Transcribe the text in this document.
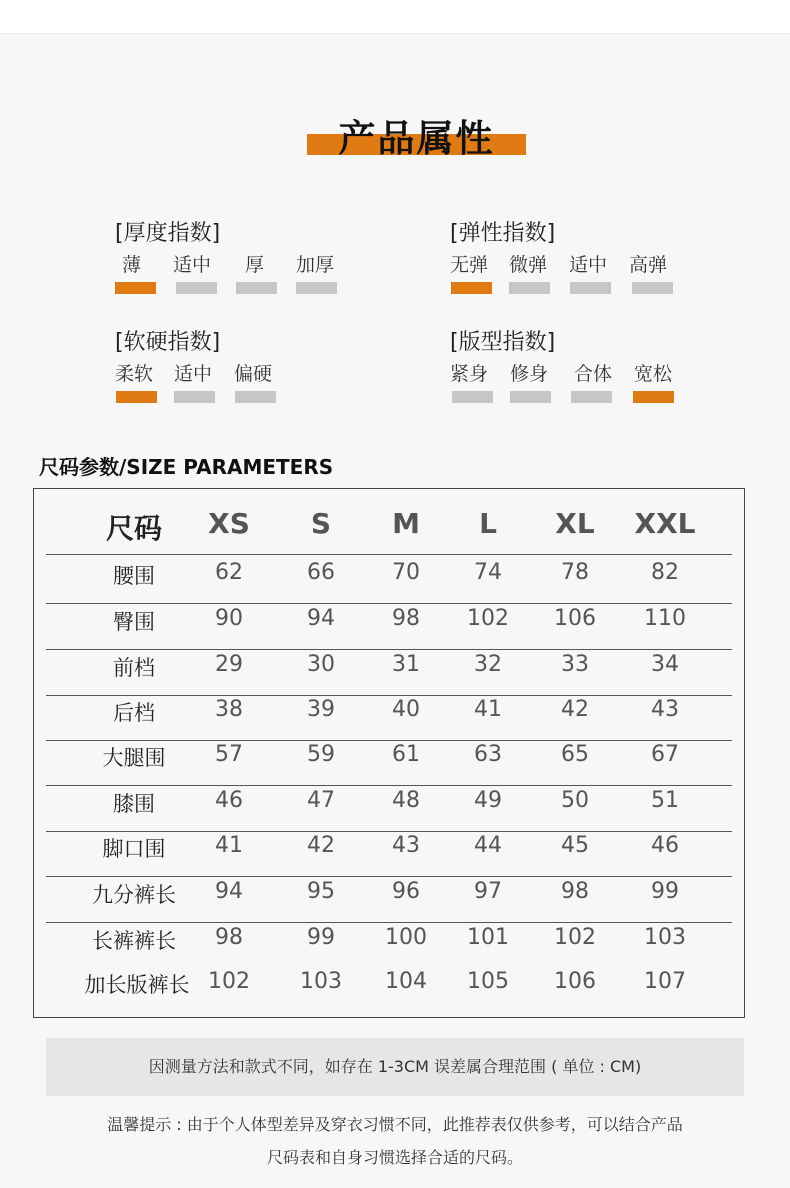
产品属性
[厚度指数]
薄 适中 厚 加厚
[弹性指数]
无弹 微弹 适中 高弹
[软硬指数]
柔软 适中 偏硬
[版型指数]
紧身 修身 合体 宽松
尺码参数/SIZE PARAMETERS
尺码	XS	S	M	L	XL	XXL
腰围	62	66	70	74	78	82
臀围	90	94	98	102	106	110
前档	29	30	31	32	33	34
后档	38	39	40	41	42	43
大腿围	57	59	61	63	65	67
膝围	46	47	48	49	50	51
脚口围	41	42	43	44	45	46
九分裤长	94	95	96	97	98	99
长裤裤长	98	99	100	101	102	103
加长版裤长 102	103	104	105	106	107
因测量方法和款式不同，如存在 1-3CM 误差属合理范围 ( 单位 : CM)
温馨提示 : 由于个人体型差异及穿衣习惯不同，此推荐表仅供参考，可以结合产品
尺码表和自身习惯选择合适的尺码。
